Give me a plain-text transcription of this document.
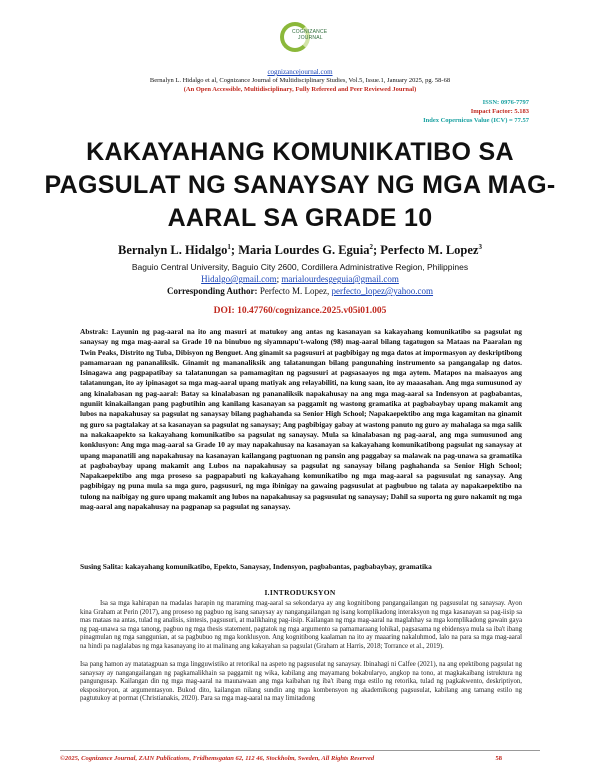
COGNIZANCE
JOURNAL
cognizancejournal.com
Bernalyn L. Hidalgo et al, Cognizance Journal of Multidisciplinary Studies, Vol.5, Issue.1, January 2025, pg. 58-68
(An Open Accessible, Multidisciplinary, Fully Refereed and Peer Reviewed Journal)
ISSN: 0976-7797
Impact Factor: 5.183
Index Copernicus Value (ICV) = 77.57
KAKAYAHANG KOMUNIKATIBO SA PAGSULAT NG SANAYSAY NG MGA MAG-AARAL SA GRADE 10
Bernalyn L. Hidalgo$^1$; Maria Lourdes G. Eguia$^2$; Perfecto M. Lopez$^3$
Baguio Central University, Baguio City 2600, Cordillera Administrative Region, Philippines
Hidalgo@gmail.com; marialourdesgeguia@gmail.com
Corresponding Author: Perfecto M. Lopez, perfecto_lopez@yahoo.com
DOI: 10.47760/cognizance.2025.v05i01.005
Abstrak: Layunin ng pag-aaral na ito ang masuri at matukoy ang antas ng kasanayan sa kakayahang komunikatibo sa pagsulat ng sanaysay ng mga mag-aaral sa Grade 10 na binubuo ng siyamnapu't-walong (98) mag-aaral bilang tagatugon sa Mataas na Paaralan ng Twin Peaks, Distrito ng Tuba, Dibisyon ng Benguet. Ang ginamit sa pagsusuri at pagbibigay ng mga datos at impormasyon ay deskriptibong pamamaraan ng pananaliksik. Ginamit ng mananaliksik ang talatanungan bilang pangunahing instrumento sa pangangalap ng datos. Isinagawa ang pagpapatibay sa talatanungan sa pamamagitan ng pagsusuri at pagsasaayos ng mga aytem. Matapos na maisaayos ang talatanungan, ito ay ipinasagot sa mga mag-aaral upang matiyak ang relayabiliti, na kung saan, ito ay maaasahan. Ang mga sumusunod ay ang kinalabasan ng pag-aaral: Batay sa kinalabasan ng pananaliksik napakahusay na ang mga mag-aaral sa Indensyon at pagbabantas, nguniit kinakailangan pang pagbutihin ang kanilang kasanayan sa paggamit ng wastong gramatika at pagbabaybay upang makamit ang lubos na napakahusay sa pagsulat ng sanaysay bilang paghahanda sa Senior High School; Napakaepektibo ang mga kagamitan na ginamit ng guro sa pagtalakay at sa kasanayan sa pagsulat ng sanaysay; Ang pagbibigay gabay at wastong panuto ng guro ay mahalaga sa mga salik na nakakaapekto sa kakayahang komunikatibo sa pagsulat ng sanaysay. Mula sa kinalabasan ng pag-aaral, ang mga sumusunod ang konklusyon: Ang mga mag-aaral sa Grade 10 ay may napakahusay na kasanayan sa kakayahang komunikatibong pagsulat ng sanaysay at upang mapanatili ang napakahusay na kasanayan kailangang pagtuonan ng pansin ang paggabay sa malawak na pag-unawa sa gramatika at pagbabaybay upang makamit ang Lubos na napakahusay sa pagsulat ng sanaysay bilang paghahanda sa Senior High School; Napakaepektibo ang mga proseso sa pagpapabuti ng kakayahang komunikatibo ng mga mag-aaral sa pagsusulat ng sanaysay. Ang pagbibigay ng puna mula sa mga guro, pagsusuri, ng mga ibinigay na gawaing pagsusulat at pagbubuo ng talata ay napakaepektibo na tulong na naibigay ng guro upang makamit ang lubos na napakahusay sa pagsusulat ng sanaysay; Dahil sa suporta ng guro nakamit ng mga mag-aaral ang napakahusay na pagpanap sa pagsulat ng sanaysay.
Susing Salita: kakayahang komunikatibo, Epekto, Sanaysay, Indensyon, pagbabantas, pagbabaybay, gramatika
I.INTRODUKSYON
Isa sa mga kahirapan na madalas harapin ng maraming mag-aaral sa sekondarya ay ang kognitibong pangangailangan ng pagsusulat ng sanaysay. Ayon kina Graham at Perin (2017), ang proseso ng pagbuo ng isang sanaysay ay nangangailangan ng isang komplikadong interaksyon ng mga kasanayan sa pag-iisip sa mas mataas na antas, tulad ng analisis, sintesis, pagsusuri, at malikhaing pag-iisip. Kailangan ng mga mag-aaral na maglahhay sa mga komplikadong gawain gaya ng pag-unawa sa mga tanong, pagbuo ng mga thesis statement, pagtatok ng mga argumento sa pamamaraang lohikal, pagsasama ng ebidensya mula sa iba't ibang pinagmulan ng mga sanggunian, at sa pagbubuo ng mga konklusyon. Ang kognitibong kaalaman na ito ay maaaring nakaluhmod, lalo na para sa mga mag-aaral na hindi pa naglalabas ng mga kasanayang ito at malinang ang kakayahan sa pagsulat (Graham at Harris, 2018; Torrance et al., 2019).
Isa pang hamon ay matatagpuan sa mga lingguwistiko at retorikal na aspeto ng pagsusulat ng sanaysay. Ibinahagi ni Calfee (2021), na ang epektibong pagsulat ng sanaysay ay nangangailangan ng pagkamalikhain sa paggamit ng wika, kabilang ang mayamang bokabularyo, angkop na tono, at magkakaibang istruktura ng pangungusap. Kailangan din ng mga mag-aaral na maunawaan ang mga kaibahan ng iba't ibang mga estilo ng retorika, tulad ng pagkakwento, deskriptiyon, ekspositoryon, at argumentasyon. Bukod dito, kailangan nilang sundin ang mga kombensyon ng akademikong pagsusulat, kabilang ang tamang estilo ng pagtutukoy at pormat (Christianakis, 2020). Para sa mga mag-aaral na may limitadong
©2025, Cognizance Journal, ZAIN Publications, Fridhemsgatan 62, 112 46, Stockholm, Sweden, All Rights Reserved	58
